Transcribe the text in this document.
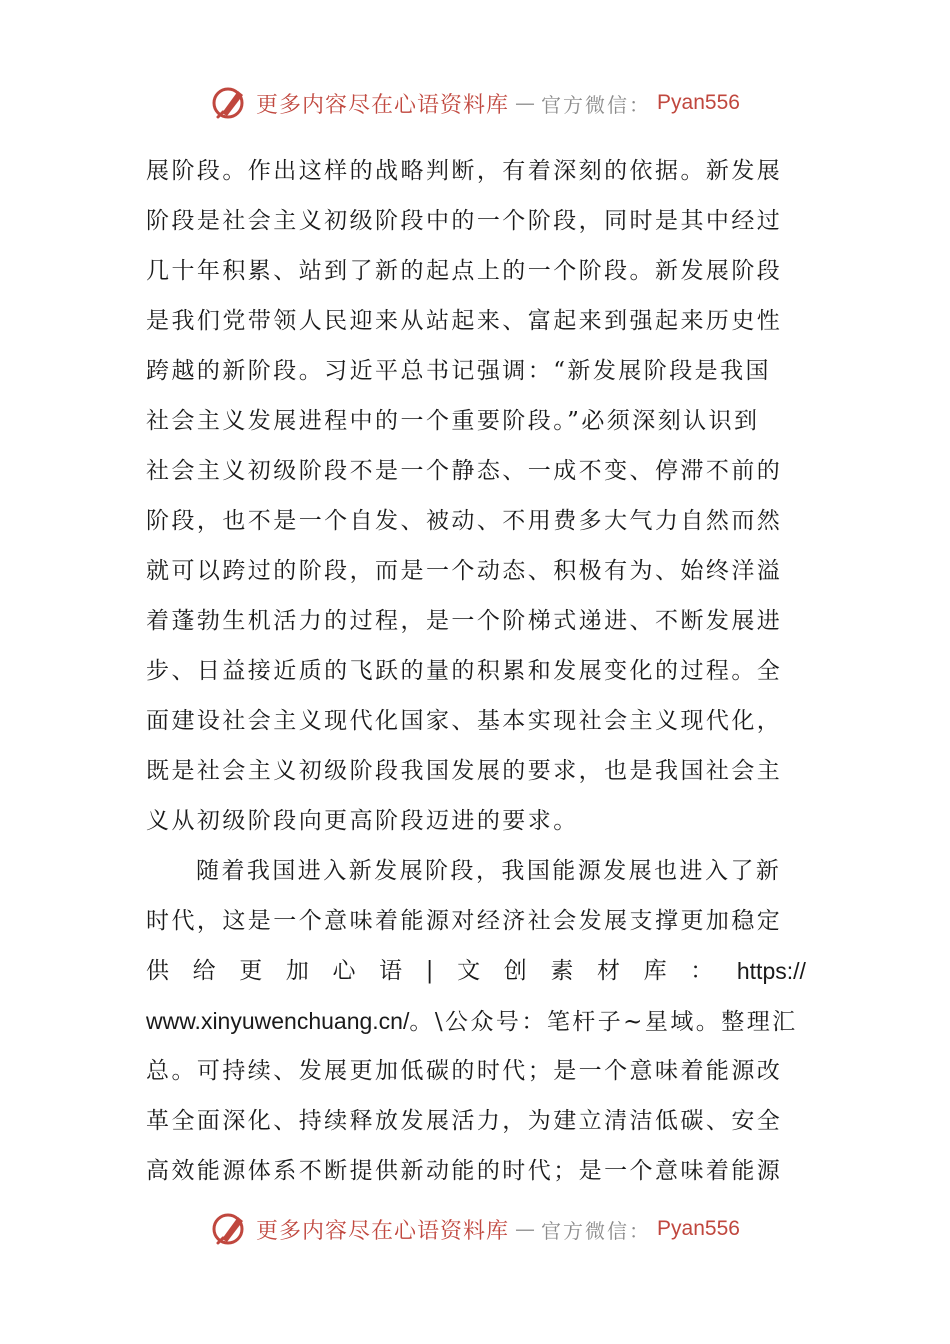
更多内容尽在心语资料库 — 官方微信： Pyan556
展阶段。作出这样的战略判断，有着深刻的依据。新发展
阶段是社会主义初级阶段中的一个阶段，同时是其中经过
几十年积累、站到了新的起点上的一个阶段。新发展阶段
是我们党带领人民迎来从站起来、富起来到强起来历史性
跨越的新阶段。习近平总书记强调：“新发展阶段是我国
社会主义发展进程中的一个重要阶段。”必须深刻认识到
社会主义初级阶段不是一个静态、一成不变、停滞不前的
阶段，也不是一个自发、被动、不用费多大气力自然而然
就可以跨过的阶段，而是一个动态、积极有为、始终洋溢
着蓬勃生机活力的过程，是一个阶梯式递进、不断发展进
步、日益接近质的飞跃的量的积累和发展变化的过程。全
面建设社会主义现代化国家、基本实现社会主义现代化，
既是社会主义初级阶段我国发展的要求，也是我国社会主
义从初级阶段向更高阶段迈进的要求。
随着我国进入新发展阶段，我国能源发展也进入了新
时代，这是一个意味着能源对经济社会发展支撑更加稳定
供 给 更 加 心 语 | 文 创 素 材 库 ： https://
www.xinyuwenchuang.cn/。\公众号：笔杆子~星域。整理汇
总。可持续、发展更加低碳的时代；是一个意味着能源改
革全面深化、持续释放发展活力，为建立清洁低碳、安全
高效能源体系不断提供新动能的时代；是一个意味着能源
更多内容尽在心语资料库 — 官方微信： Pyan556
